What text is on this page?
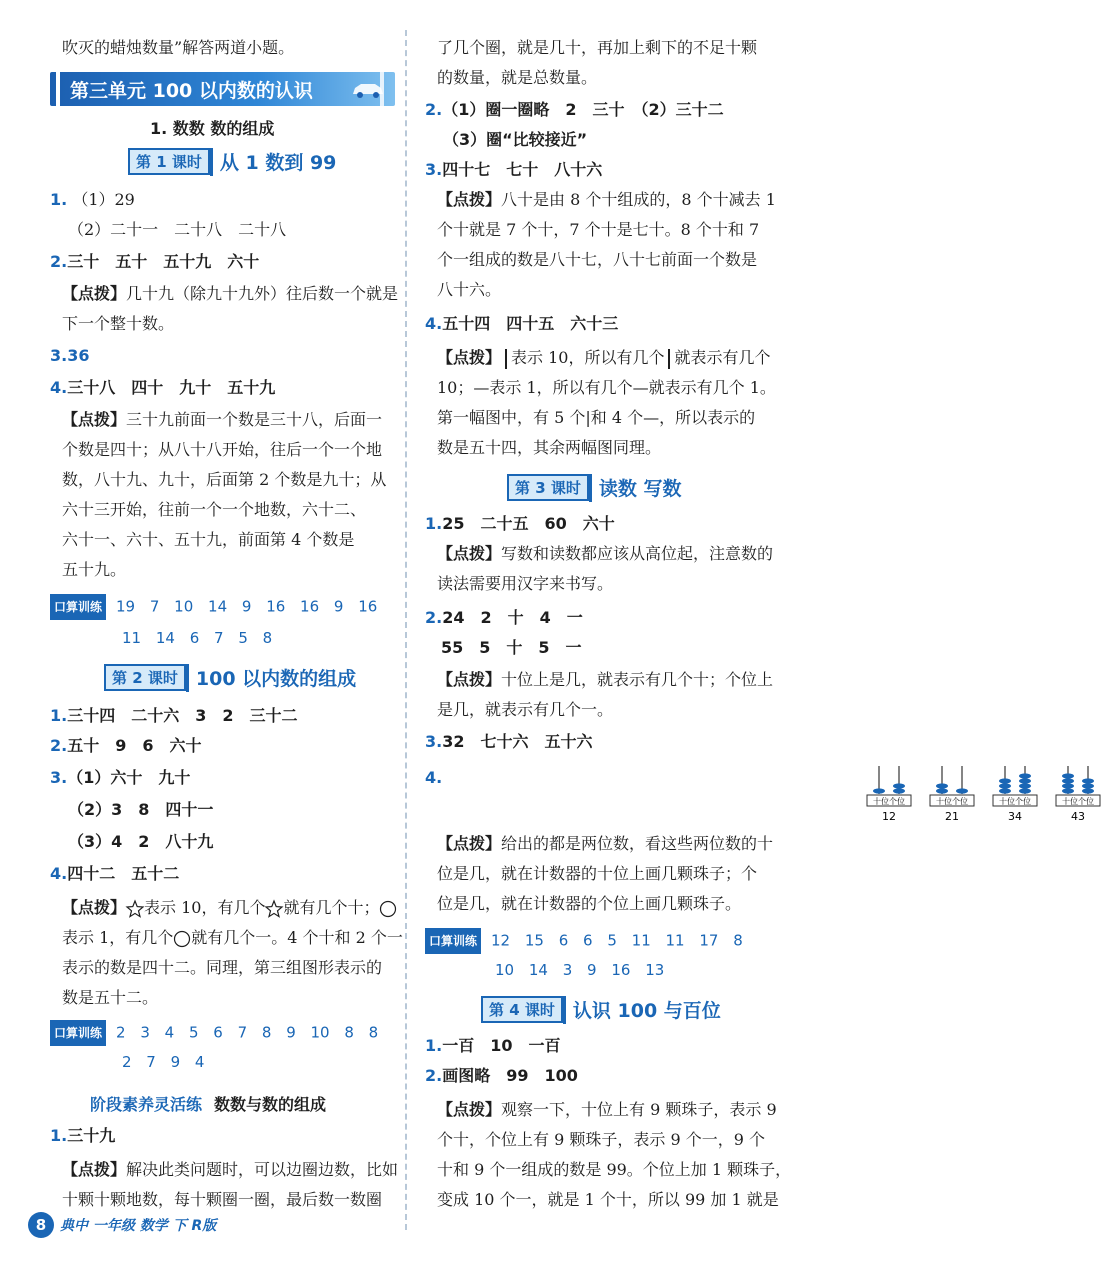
吹灭的蜡烛数量”解答两道小题。
第三单元 100 以内数的认识
1. 数数 数的组成
第 1 课时 从 1 数到 99
1. （1）29
（2）二十一　二十八　二十八
2.三十　五十　五十九　六十
【点拨】几十九（除九十九外）往后数一个就是
下一个整十数。
3.36
4.三十八　四十　九十　五十九
【点拨】三十九前面一个数是三十八，后面一
个数是四十；从八十八开始，往后一个一个地
数，八十九、九十，后面第 2 个数是九十；从
六十三开始，往前一个一个地数，六十二、
六十一、六十、五十九，前面第 4 个数是
五十九。
口算训练 19 7 10 14 9 16 16 9 16
11 14 6 7 5 8
第 2 课时 100 以内数的组成
1.三十四　二十六　3　2　三十二
2.五十　9　6　六十
3.（1）六十　九十
（2）3　8　四十一
（3）4　2　八十九
4.四十二　五十二
【点拨】 表示 10，有几个 就有几个十；
表示 1，有几个 就有几个一。4 个十和 2 个一
表示的数是四十二。同理，第三组图形表示的
数是五十二。
口算训练 2 3 4 5 6 7 8 9 10 8 8
2 7 9 4
阶段素养灵活练 数数与数的组成
1.三十九
【点拨】解决此类问题时，可以边圈边数，比如
十颗十颗地数，每十颗圈一圈，最后数一数圈
了几个圈，就是几十，再加上剩下的不足十颗
的数量，就是总数量。
2.（1）圈一圈略　2　三十　（2）三十二
（3）圈“比较接近”
3.四十七　七十　八十六
【点拨】八十是由 8 个十组成的，8 个十减去 1
个十就是 7 个十，7 个十是七十。8 个十和 7
个一组成的数是八十七，八十七前面一个数是
八十六。
4.五十四　四十五　六十三
【点拨】 表示 10，所以有几个 就表示有几个
10；—表示 1，所以有几个—就表示有几个 1。
第一幅图中，有 5 个|和 4 个—，所以表示的
数是五十四，其余两幅图同理。
第 3 课时 读数 写数
1.25　二十五　60　六十
【点拨】写数和读数都应该从高位起，注意数的
读法需要用汉字来书写。
2.24　2　十　4　一
55　5　十　5　一
【点拨】十位上是几，就表示有几个十；个位上
是几，就表示有几个一。
3.32　七十六　五十六
4.
十位个位
12
十位个位
21
十位个位
34
十位个位
43
【点拨】给出的都是两位数，看这些两位数的十
位是几，就在计数器的十位上画几颗珠子；个
位是几，就在计数器的个位上画几颗珠子。
口算训练 12 15 6 6 5 11 11 17 8
10 14 3 9 16 13
第 4 课时 认识 100 与百位
1.一百　10　一百
2.画图略　99　100
【点拨】观察一下，十位上有 9 颗珠子，表示 9
个十，个位上有 9 颗珠子，表示 9 个一，9 个
十和 9 个一组成的数是 99。个位上加 1 颗珠子，
变成 10 个一，就是 1 个十，所以 99 加 1 就是
8 典中 一年级 数学 下 R版
